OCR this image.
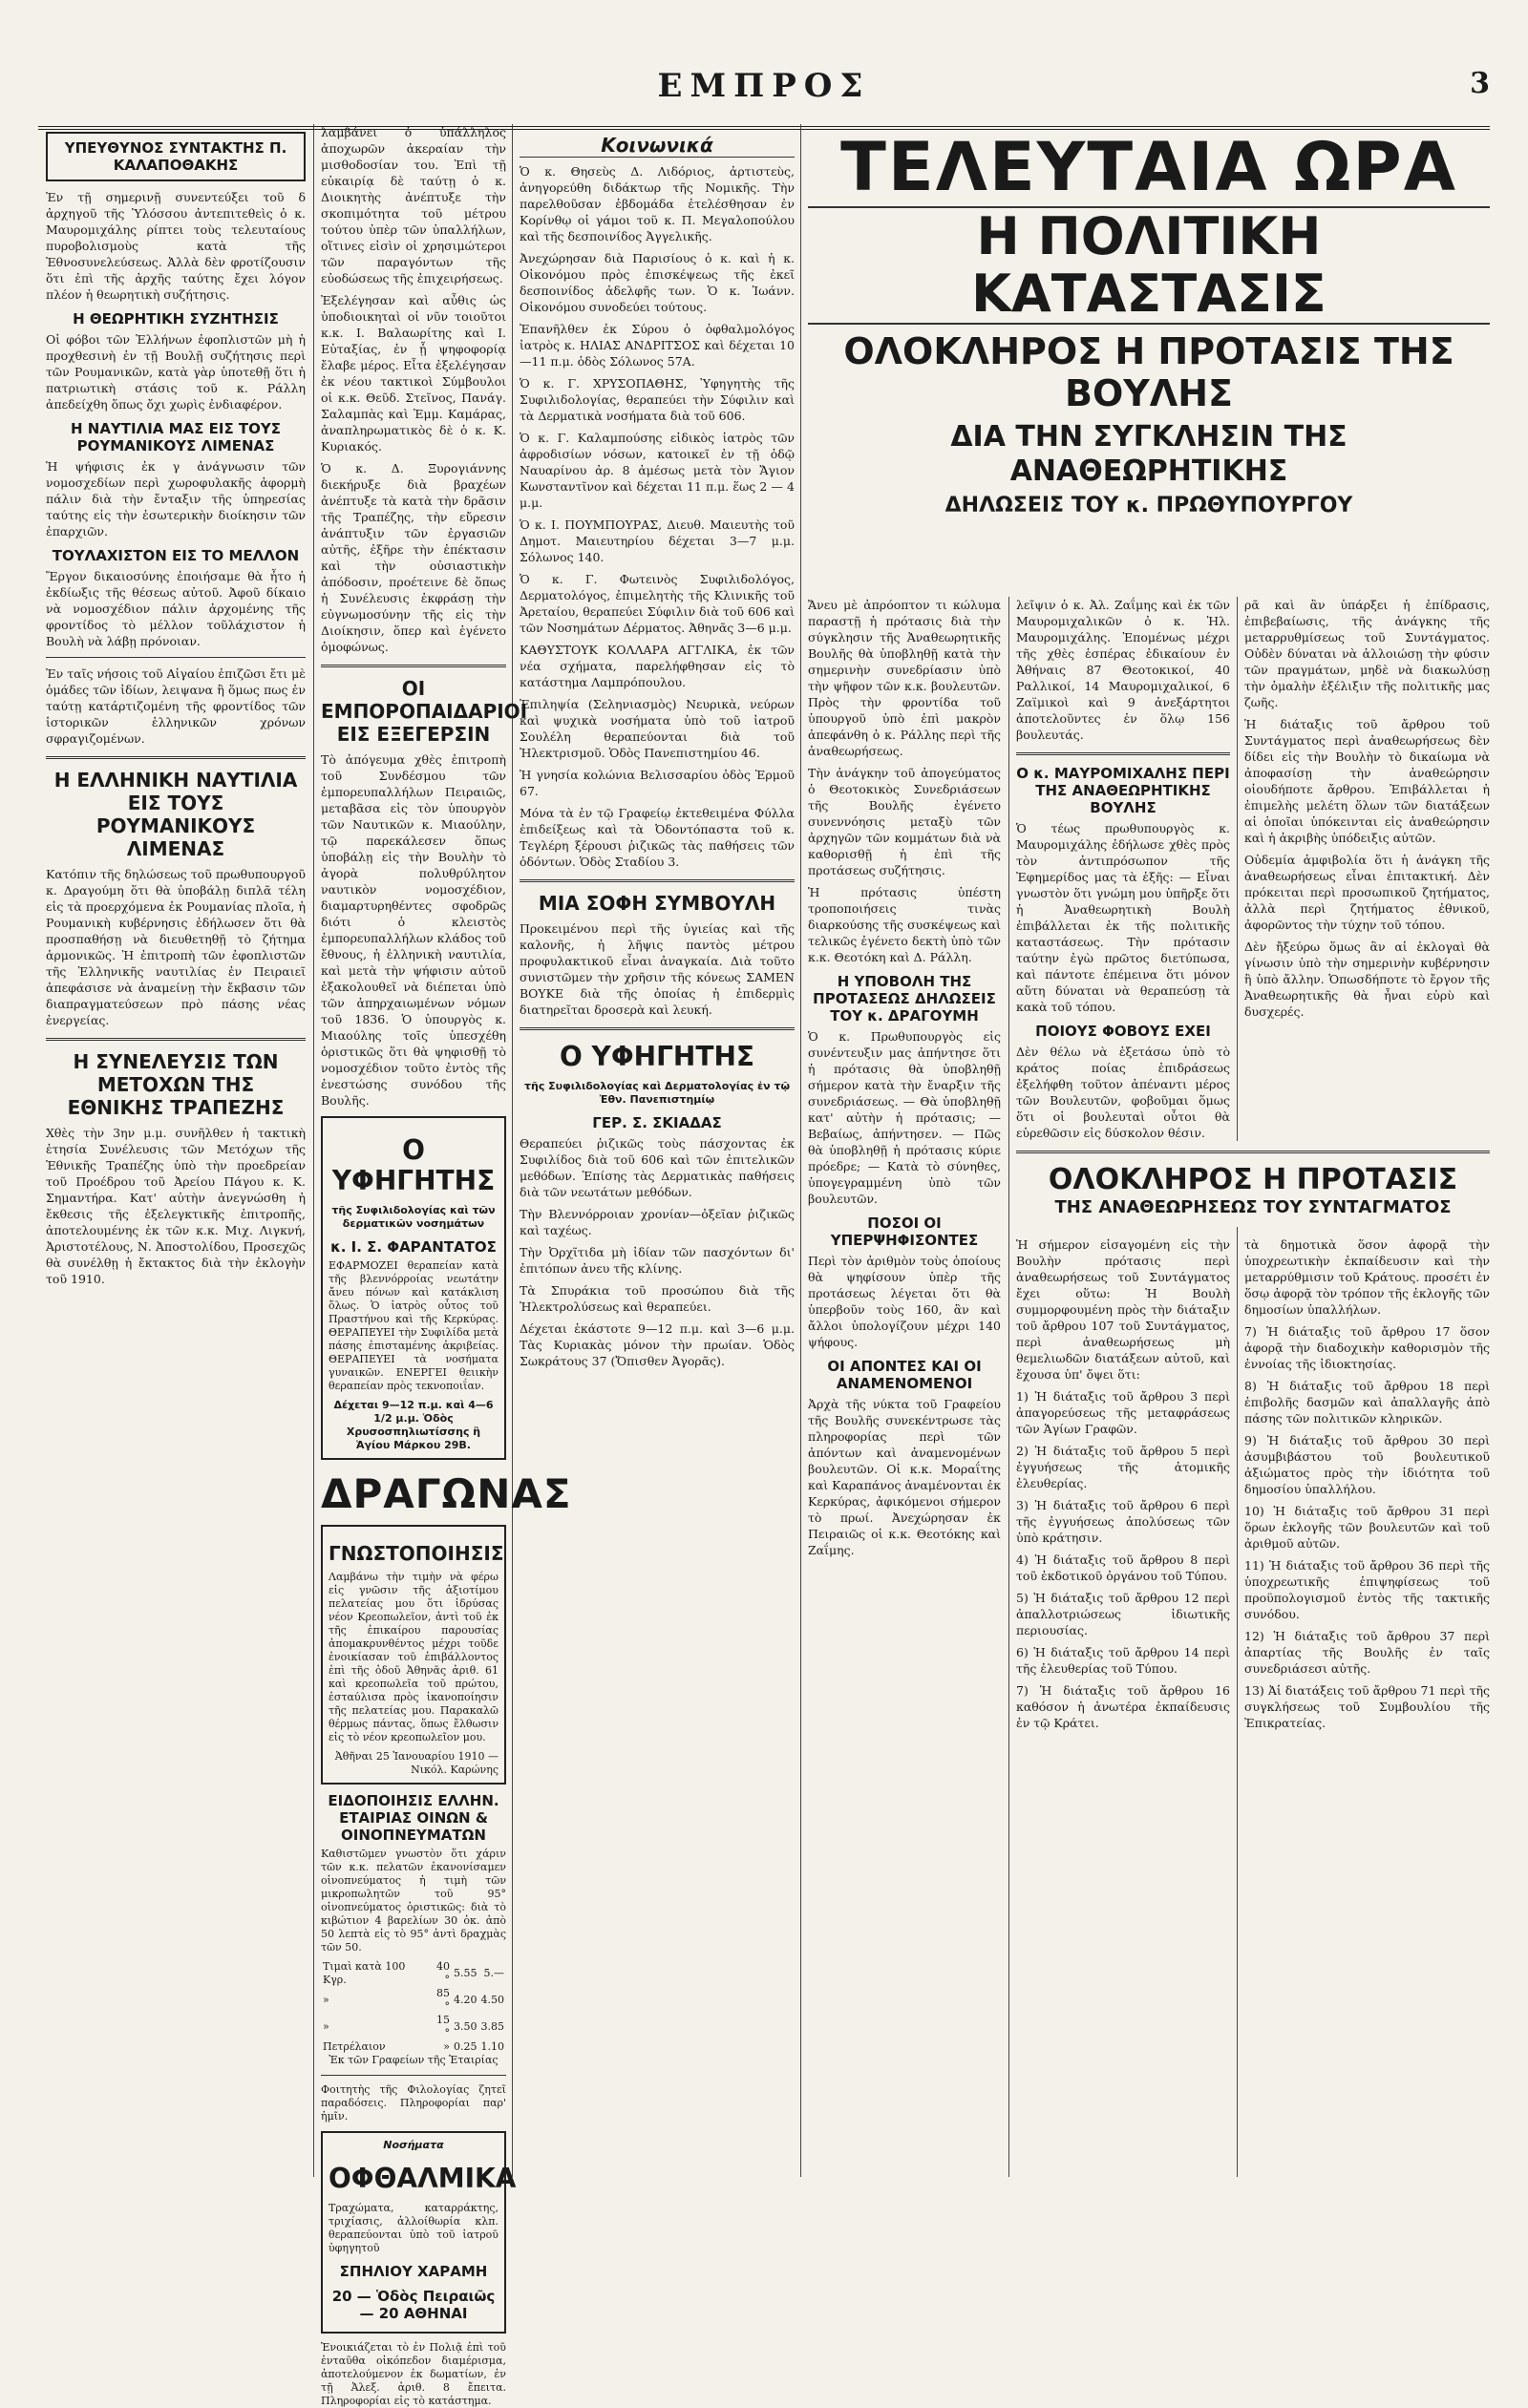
ΕΜΠΡΟΣ	3
ΥΠΕΥΘΥΝΟΣ ΣΥΝΤΑΚΤΗΣ Π. ΚΑΛΑΠΟΘΑΚΗΣ

Ἐν τῇ σημερινῇ συνεντεύξει τοῦ δ ἀρχηγοῦ τῆς Ὑλόσσου ἀντεπιτεθεὶς ὁ κ. Μαυρομιχάλης ρίπτει τοὺς τελευταίους πυροβολισμοὺς κατὰ τῆς Ἐθνοσυνελεύσεως. Ἀλλὰ δὲν φροτίζουσιν ὅτι ἐπὶ τῆς ἀρχῆς ταύτης ἔχει λόγον πλέον ἡ θεωρητικὴ συζήτησις.

Η ΘΕΩΡΗΤΙΚΗ ΣΥΖΗΤΗΣΙΣ

Οἱ φόβοι τῶν Ἑλλήνων ἐφοπλιστῶν μὴ ἡ προχθεσινὴ ἐν τῇ Βουλῇ συζήτησις περὶ τῶν Ρουμανικῶν, κατὰ γὰρ ὑποτεθῇ ὅτι ἡ πατριωτικὴ στάσις τοῦ κ. Ράλλη ἀπεδείχθη ὅπως ὄχι χωρὶς ἐνδιαφέρον.

Η ΝΑΥΤΙΛΙΑ ΜΑΣ ΕΙΣ ΤΟΥΣ ΡΟΥΜΑΝΙΚΟΥΣ ΛΙΜΕΝΑΣ

Ἡ ψήφισις ἐκ γ ἀνάγνωσιν τῶν νομοσχεδίων περὶ χωροφυλακῆς ἀφορμὴ πάλιν διὰ τὴν ἔνταξιν τῆς ὑπηρεσίας ταύτης εἰς τὴν ἐσωτερικὴν διοίκησιν τῶν ἐπαρχιῶν.

ΤΟΥΛΑΧΙΣΤΟΝ ΕΙΣ ΤΟ ΜΕΛΛΟΝ

Ἔργον δικαιοσύνης ἐποιήσαμε θὰ ἦτο ἡ ἐκδίωξις τῆς θέσεως αὐτοῦ. Ἀφοῦ δίκαιο νὰ νομοσχέδιον πάλιν ἀρχομένης τῆς φροντίδος τὸ μέλλον τοῦλάχιστον ἡ Βουλὴ νὰ λάβῃ πρόνοιαν.

Ἐν ταῖς νήσοις τοῦ Αἰγαίου ἐπιζῶσι ἔτι μὲ ὁμάδες τῶν ἰδίων, λειψανα ἢ ὅμως πως ἐν ταύτῃ κατάρτιζομένη τῆς φροντίδος τῶν ἱστορικῶν ἑλληνικῶν χρόνων σφραγιζομένων.

Η ΕΛΛΗΝΙΚΗ ΝΑΥΤΙΛΙΑ ΕΙΣ ΤΟΥΣ ΡΟΥΜΑΝΙΚΟΥΣ ΛΙΜΕΝΑΣ

Κατόπιν τῆς δηλώσεως τοῦ πρωθυπουργοῦ κ. Δραγούμη ὅτι θὰ ὑποβάλῃ διπλᾶ τέλη εἰς τὰ προερχόμενα ἐκ Ρουμανίας πλοῖα, ἡ Ρουμανικὴ κυβέρνησις ἐδήλωσεν ὅτι θὰ προσπαθήσῃ νὰ διευθετηθῇ τὸ ζήτημα ἁρμονικῶς. Ἡ ἐπιτροπὴ τῶν ἐφοπλιστῶν τῆς Ἑλληνικῆς ναυτιλίας ἐν Πειραιεῖ ἀπεφάσισε νὰ ἀναμείνῃ τὴν ἔκβασιν τῶν διαπραγματεύσεων πρὸ πάσης νέας ἐνεργείας.

Η ΣΥΝΕΛΕΥΣΙΣ ΤΩΝ ΜΕΤΟΧΩΝ ΤΗΣ ΕΘΝΙΚΗΣ ΤΡΑΠΕΖΗΣ

Χθὲς τὴν 3ην μ.μ. συνῆλθεν ἡ τακτικὴ ἐτησία Συνέλευσις τῶν Μετόχων τῆς Ἐθνικῆς Τραπέζης ὑπὸ τὴν προεδρείαν τοῦ Προέδρου τοῦ Ἀρείου Πάγου κ. Κ. Σημαντήρα. Κατ' αὐτὴν ἀνεγνώσθη ἡ ἔκθεσις τῆς ἐξελεγκτικῆς ἐπιτροπῆς, ἀποτελουμένης ἐκ τῶν κ.κ. Μιχ. Λιγκνή, Ἀριστοτέλους, Ν. Ἀποστολίδου, Προσεχῶς θὰ συνέλθῃ ἡ ἔκτακτος διὰ τὴν ἐκλογὴν τοῦ 1910.

λαμβάνει ὁ ὑπάλληλος ἀποχωρῶν ἀκεραίαν τὴν μισθοδοσίαν του. Ἐπὶ τῇ εὐκαιρίᾳ δὲ ταύτῃ ὁ κ. Διοικητὴς ἀνέπτυξε τὴν σκοπιμότητα τοῦ μέτρου τούτου ὑπὲρ τῶν ὑπαλλήλων, οἵτινες εἰσὶν οἱ χρησιμώτεροι τῶν παραγόντων τῆς εὐοδώσεως τῆς ἐπιχειρήσεως.

Ἐξελέγησαν καὶ αὖθις ὡς ὑποδιοικηταὶ οἱ νῦν τοιοῦτοι κ.κ. Ι. Βαλαωρίτης καὶ Ι. Εὐταξίας, ἐν ᾗ ψηφοφορίᾳ ἔλαβε μέρος. Εἶτα ἐξελέγησαν ἐκ νέου τακτικοὶ Σύμβουλοι οἱ κ.κ. Θεῦδ. Στεῖνος, Πανάγ. Σαλαμπὰς καὶ Ἐμμ. Καμάρας, ἀναπληρωματικὸς δὲ ὁ κ. Κ. Κυριακός.

Ὁ κ. Δ. Ξυρογιάννης διεκήρυξε διὰ βραχέων ἀνέπτυξε τὰ κατὰ τὴν δρᾶσιν τῆς Τραπέζης, τὴν εὔρεσιν ἀνάπτυξιν τῶν ἐργασιῶν αὐτῆς, ἐξῆρε τὴν ἐπέκτασιν καὶ τὴν οὐσιαστικὴν ἀπόδοσιν, προέτεινε δὲ ὅπως ἡ Συνέλευσις ἐκφράσῃ τὴν εὐγνωμοσύνην τῆς εἰς τὴν Διοίκησιν, ὅπερ καὶ ἐγένετο ὁμοφώνως.

ΟΙ ΕΜΠΟΡΟΠΑΙΔΑΡΙΟΙ ΕΙΣ ΕΞΕΓΕΡΣΙΝ

Τὸ ἀπόγευμα χθὲς ἐπιτροπὴ τοῦ Συνδέσμου τῶν ἐμπορευπαλλήλων Πειραιῶς, μεταβᾶσα εἰς τὸν ὑπουργὸν τῶν Ναυτικῶν κ. Μιαούλην, τῷ παρεκάλεσεν ὅπως ὑποβάλῃ εἰς τὴν Βουλὴν τὸ ἀγορὰ πολυθρύλητον ναυτικὸν νομοσχέδιον, διαμαρτυρηθέντες σφοδρῶς διότι ὁ κλειστὸς ἐμπορευπαλλήλων κλάδος τοῦ ἔθνους, ἡ ἑλληνικὴ ναυτιλία, καὶ μετὰ τὴν ψήφισιν αὐτοῦ ἐξακολουθεῖ νὰ διέπεται ὑπὸ τῶν ἀπηρχαιωμένων νόμων τοῦ 1836. Ὁ ὑπουργὸς κ. Μιαούλης τοῖς ὑπεσχέθη ὁριστικῶς ὅτι θὰ ψηφισθῇ τὸ νομοσχέδιον τοῦτο ἐντὸς τῆς ἐνεστώσης συνόδου τῆς Βουλῆς.

Ο ΥΦΗΓΗΤΗΣ
τῆς Συφιλιδολογίας καὶ τῶν δερματικῶν νοσημάτων
κ. Ι. Σ. ΦΑΡΑΝΤΑΤΟΣ

ΕΦΑΡΜΟΖΕΙ θεραπείαν κατὰ τῆς βλεννόρροίας νεωτάτην ἄνευ πόνων καὶ κατάκλιση ὅλως. Ὁ ἰατρὸς οὗτος τοῦ Πραστήνου καὶ τῆς Κερκύρας. ΘΕΡΑΠΕΥΕΙ τὴν Συφιλίδα μετὰ πάσης ἐπισταμένης ἀκριβείας. ΘΕΡΑΠΕΥΕΙ τὰ νοσήματα γυναικῶν. ΕΝΕΡΓΕΙ θειικὴν θεραπείαν πρὸς τεκνοποιΐαν.

Δέχεται 9—12 π.μ. καὶ 4—6 1/2 μ.μ. Ὁδὸς Χρυσοσπηλιωτίσσης ἢ Ἁγίου Μάρκου 29Β.
ΔΡΑΓΩΝΑΣ
ΓΝΩΣΤΟΠΟΙΗΣΙΣ

Λαμβάνω τὴν τιμὴν νὰ φέρω εἰς γνῶσιν τῆς ἀξιοτίμου πελατείας μου ὅτι ἱδρύσας νέον Κρεοπωλεῖον, ἀντὶ τοῦ ἐκ τῆς ἐπικαίρου παρουσίας ἀπομακρυνθέντος μέχρι τοῦδε ἐνοικίασαν τοῦ ἐπιβάλλοντος ἐπὶ τῆς ὁδοῦ Ἀθηνᾶς ἀριθ. 61 καὶ κρεοπωλεῖα τοῦ πρώτου, ἐσταύλισα πρὸς ἱκανοποίησιν τῆς πελατείας μου. Παρακαλῶ θέρμως πάντας, ὅπως ἔλθωσιν εἰς τὸ νέον κρεοπωλεῖον μου.

Ἀθῆναι 25 Ἰανουαρίου 1910 — Νικόλ. Καρώνης
ΕΙΔΟΠΟΙΗΣΙΣ ΕΛΛΗΝ. ΕΤΑΙΡΙΑΣ ΟΙΝΩΝ & ΟΙΝΟΠΝΕΥΜΑΤΩΝ

Καθιστῶμεν γνωστὸν ὅτι χάριν τῶν κ.κ. πελατῶν ἐκανονίσαμεν οἰνοπνεύματος ἡ τιμὴ τῶν μικροπωλητῶν τοῦ 95° οἰνοπνεύματος ὁριστικῶς: διὰ τὸ κιβώτιον 4 βαρελίων 30 ὀκ. ἀπὸ 50 λεπτὰ εἰς τὸ 95° ἀντὶ δραχμὰς τῶν 50.

Τιμαὶ κατὰ 100 Κγρ.	40 °	5.55	5.—
»	85 °	4.20	4.50
»	15 °	3.50	3.85
Πετρέλαιον	»	0.25	1.10
Ἐκ τῶν Γραφείων τῆς Ἑταιρίας

Φοιτητὴς τῆς Φιλολογίας ζητεῖ παραδόσεις. Πληροφορίαι παρ' ἡμῖν.

Νοσήματα
ΟΦΘΑΛΜΙΚΑ

Τραχώματα, καταρράκτης, τριχίασις, ἀλλοίθωρία κλπ. θεραπεύονται ὑπὸ τοῦ ἰατροῦ ὑφηγητοῦ

ΣΠΗΛΙΟΥ ΧΑΡΑΜΗ
20 — Ὁδὸς Πειραιῶς — 20 ΑΘΗΝΑΙ

Ἐνοικιάζεται τὸ ἐν Πολιᾷ ἐπὶ τοῦ ἐνταῦθα οἰκόπεδον διαμέρισμα, ἀποτελούμενον ἐκ δωματίων, ἐν τῇ Ἀλεξ. ἀριθ. 8 ἔπειτα. Πληροφορίαι εἰς τὸ κατάστημα.

Κοινωνικά

Ὁ κ. Θησεὺς Δ. Λιδόριος, ἀρτιστεὺς, ἀνηγορεύθη διδάκτωρ τῆς Νομικῆς. Τὴν παρελθοῦσαν ἑβδομάδα ἐτελέσθησαν ἐν Κορίνθῳ οἱ γάμοι τοῦ κ. Π. Μεγαλοπούλου καὶ τῆς δεσποινίδος Ἀγγελικῆς.

Ἀνεχώρησαν διὰ Παρισίους ὁ κ. καὶ ἡ κ. Οἰκονόμου πρὸς ἐπισκέψεως τῆς ἐκεῖ δεσποινίδος ἀδελφῆς των. Ὁ κ. Ἰωάνν. Οἰκονόμου συνοδεύει τούτους.

Ἐπανῆλθεν ἐκ Σύρου ὁ ὀφθαλμολόγος ἰατρὸς κ. ΗΛΙΑΣ ΑΝΔΡΙΤΣΟΣ καὶ δέχεται 10—11 π.μ. ὁδὸς Σόλωνος 57Α.

Ὁ κ. Γ. ΧΡΥΣΟΠΑΘΗΣ, Ὑφηγητὴς τῆς Συφιλιδολογίας, θεραπεύει τὴν Σύφιλιν καὶ τὰ Δερματικὰ νοσήματα διὰ τοῦ 606.

Ὁ κ. Γ. Καλαμπούσης εἰδικὸς ἰατρὸς τῶν ἀφροδισίων νόσων, κατοικεῖ ἐν τῇ ὁδῷ Ναυαρίνου ἀρ. 8 ἀμέσως μετὰ τὸν Ἄγιον Κωνσταντῖνον καὶ δέχεται 11 π.μ. ἕως 2 — 4 μ.μ.

Ὁ κ. Ι. ΠΟΥΜΠΟΥΡΑΣ, Διευθ. Μαιευτὴς τοῦ Δημοτ. Μαιευτηρίου δέχεται 3—7 μ.μ. Σόλωνος 140.

Ὁ κ. Γ. Φωτεινὸς Συφιλιδολόγος, Δερματολόγος, ἐπιμελητὴς τῆς Κλινικῆς τοῦ Ἀρεταίου, θεραπεύει Σύφιλιν διὰ τοῦ 606 καὶ τῶν Νοσημάτων Δέρματος. Ἀθηνᾶς 3—6 μ.μ.

ΚΑΘΥΣΤΟΥΚ ΚΟΛΛΑΡΑ ΑΓΓΛΙΚΑ, ἐκ τῶν νέα σχήματα, παρελήφθησαν εἰς τὸ κατάστημα Λαμπρόπουλου.

Ἐπιληψία (Σεληνιασμὸς) Νευρικὰ, νεύρων καὶ ψυχικὰ νοσήματα ὑπὸ τοῦ ἰατροῦ Σουλέλη θεραπεύονται διὰ τοῦ Ἠλεκτρισμοῦ. Ὁδὸς Πανεπιστημίου 46.

Ἡ γνησία κολώνια Βελισσαρίου ὁδὸς Ἑρμοῦ 67.

Μόνα τὰ ἐν τῷ Γραφείῳ ἐκτεθειμένα Φύλλα ἐπιδείξεως καὶ τὰ Ὀδοντόπαστα τοῦ κ. Τεγλέρη ξέρουσι ῥιζικῶς τὰς παθήσεις τῶν ὀδόντων. Ὁδὸς Σταδίου 3.

ΜΙΑ ΣΟΦΗ ΣΥΜΒΟΥΛΗ

Προκειμένου περὶ τῆς ὑγιείας καὶ τῆς καλονῆς, ἡ λῆψις παντὸς μέτρου προφυλακτικοῦ εἶναι ἀναγκαία. Διὰ τοῦτο συνιστῶμεν τὴν χρῆσιν τῆς κόνεως ΣΑΜΕΝ ΒΟΥΚΕ διὰ τῆς ὁποίας ἡ ἐπιδερμὶς διατηρεῖται δροσερὰ καὶ λευκή.

Ο ΥΦΗΓΗΤΗΣ
τῆς Συφιλιδολογίας καὶ Δερματολογίας ἐν τῷ Ἐθν. Πανεπιστημίῳ
ΓΕΡ. Σ. ΣΚΙΑΔΑΣ

Θεραπεύει ῥιζικῶς τοὺς πάσχοντας ἐκ Συφιλίδος διὰ τοῦ 606 καὶ τῶν ἐπιτελικῶν μεθόδων. Ἐπίσης τὰς Δερματικὰς παθήσεις διὰ τῶν νεωτάτων μεθόδων.

Τὴν Βλεννόρροιαν χρονίαν—ὀξεῖαν ῥιζικῶς καὶ ταχέως.

Τὴν Ὀρχῖτιδα μὴ ἰδίαν τῶν πασχόντων δι' ἐπιτόπων ἀνευ τῆς κλίνης.

Τὰ Σπυράκια τοῦ προσώπου διὰ τῆς Ἠλεκτρολύσεως καὶ θεραπεύει.

Δέχεται ἑκάστοτε 9—12 π.μ. καὶ 3—6 μ.μ. Τὰς Κυριακὰς μόνον τὴν πρωίαν. Ὁδὸς Σωκράτους 37 (Ὄπισθεν Ἀγορᾶς).

ΤΕΛΕΥΤΑΙΑ ΩΡΑ
Η ΠΟΛΙΤΙΚΗ ΚΑΤΑΣΤΑΣΙΣ
ΟΛΟΚΛΗΡΟΣ Η ΠΡΟΤΑΣΙΣ ΤΗΣ ΒΟΥΛΗΣ
ΔΙΑ ΤΗΝ ΣΥΓΚΛΗΣΙΝ ΤΗΣ ΑΝΑΘΕΩΡΗΤΙΚΗΣ
ΔΗΛΩΣΕΙΣ ΤΟΥ κ. ΠΡΩΘΥΠΟΥΡΓΟΥ

Ἄνευ μὲ ἀπρόοπτον τι κώλυμα παραστῇ ἡ πρότασις διὰ τὴν σύγκλησιν τῆς Ἀναθεωρητικῆς Βουλῆς θὰ ὑποβληθῇ κατὰ τὴν σημερινὴν συνεδρίασιν ὑπὸ τὴν ψῆφον τῶν κ.κ. βουλευτῶν. Πρὸς τὴν φροντίδα τοῦ ὑπουργοῦ ὑπὸ ἐπὶ μακρὸν ἀπεφάνθη ὁ κ. Ράλλης περὶ τῆς ἀναθεωρήσεως.

Τὴν ἀνάγκην τοῦ ἀπογεύματος ὁ Θεοτοκικὸς Συνεδριάσεων τῆς Βουλῆς ἐγένετο συνεννόησις μεταξὺ τῶν ἀρχηγῶν τῶν κομμάτων διὰ νὰ καθορισθῇ ἡ ἐπὶ τῆς προτάσεως συζήτησις.

Ἡ πρότασις ὑπέστη τροποποιήσεις τινὰς διαρκούσης τῆς συσκέψεως καὶ τελικῶς ἐγένετο δεκτὴ ὑπὸ τῶν κ.κ. Θεοτόκη καὶ Δ. Ράλλη.

Η ΥΠΟΒΟΛΗ ΤΗΣ ΠΡΟΤΑΣΕΩΣ ΔΗΛΩΣΕΙΣ ΤΟΥ κ. ΔΡΑΓΟΥΜΗ

Ὁ κ. Πρωθυπουργὸς εἰς συνέντευξιν μας ἀπήντησε ὅτι ἡ πρότασις θὰ ὑποβληθῇ σήμερον κατὰ τὴν ἔναρξιν τῆς συνεδριάσεως. — Θὰ ὑποβληθῇ κατ' αὐτὴν ἡ πρότασις; — Βεβαίως, ἀπήντησεν. — Πῶς θὰ ὑποβληθῇ ἡ πρότασις κύριε πρόεδρε; — Κατὰ τὸ σύνηθες, ὑπογεγραμμένη ὑπὸ τῶν βουλευτῶν.

ΠΟΣΟΙ ΟΙ ΥΠΕΡΨΗΦΙΣΟΝΤΕΣ

Περὶ τὸν ἀριθμὸν τοὺς ὁποίους θὰ ψηφίσουν ὑπὲρ τῆς προτάσεως λέγεται ὅτι θὰ ὑπερβοῦν τοὺς 160, ἂν καὶ ἄλλοι ὑπολογίζουν μέχρι 140 ψήφους.

ΟΙ ΑΠΟΝΤΕΣ ΚΑΙ ΟΙ ΑΝΑΜΕΝΟΜΕΝΟΙ

Ἀρχὰ τῆς νύκτα τοῦ Γραφείου τῆς Βουλῆς συνεκέντρωσε τὰς πληροφορίας περὶ τῶν ἀπόντων καὶ ἀναμενομένων βουλευτῶν. Οἱ κ.κ. Μοραΐτης καὶ Καραπάνος ἀναμένονται ἐκ Κερκύρας, ἀφικόμενοι σήμερον τὸ πρωί. Ἀνεχώρησαν ἐκ Πειραιῶς οἱ κ.κ. Θεοτόκης καὶ Ζαΐμης.

λεῖψιν ὁ κ. Ἀλ. Ζαΐμης καὶ ἐκ τῶν Μαυρομιχαλικῶν ὁ κ. Ἠλ. Μαυρομιχάλης. Ἐπομένως μέχρι τῆς χθὲς ἑσπέρας ἐδικαίουν ἐν Ἀθήναις 87 Θεοτοκικοί, 40 Ραλλικοί, 14 Μαυρομιχαλικοί, 6 Ζαϊμικοὶ καὶ 9 ἀνεξάρτητοι ἀποτελοῦντες ἐν ὅλῳ 156 βουλευτάς.

Ο κ. ΜΑΥΡΟΜΙΧΑΛΗΣ ΠΕΡΙ ΤΗΣ ΑΝΑΘΕΩΡΗΤΙΚΗΣ ΒΟΥΛΗΣ

Ὁ τέως πρωθυπουργὸς κ. Μαυρομιχάλης ἐδήλωσε χθὲς πρὸς τὸν ἀντιπρόσωπον τῆς Ἐφημερίδος μας τὰ ἑξῆς: — Εἶναι γνωστὸν ὅτι γνώμη μου ὑπῆρξε ὅτι ἡ Ἀναθεωρητικὴ Βουλὴ ἐπιβάλλεται ἐκ τῆς πολιτικῆς καταστάσεως. Τὴν πρότασιν ταύτην ἐγὼ πρῶτος διετύπωσα, καὶ πάντοτε ἐπέμεινα ὅτι μόνον αὕτη δύναται νὰ θεραπεύσῃ τὰ κακὰ τοῦ τόπου.

ΠΟΙΟΥΣ ΦΟΒΟΥΣ ΕΧΕΙ

Δὲν θέλω νὰ ἐξετάσω ὑπὸ τὸ κράτος ποίας ἐπιδράσεως ἐξελήφθη τοῦτον ἀπέναντι μέρος τῶν Βουλευτῶν, φοβοῦμαι ὅμως ὅτι οἱ βουλευταὶ οὗτοι θὰ εὑρεθῶσιν εἰς δύσκολον θέσιν.

ρᾶ καὶ ἂν ὑπάρξει ἡ ἐπίδρασις, ἐπιβεβαίωσις, τῆς ἀνάγκης τῆς μεταρρυθμίσεως τοῦ Συντάγματος. Οὐδὲν δύναται νὰ ἀλλοιώσῃ τὴν φύσιν τῶν πραγμάτων, μηδὲ νὰ διακωλύσῃ τὴν ὁμαλὴν ἐξέλιξιν τῆς πολιτικῆς μας ζωῆς.

Ἡ διάταξις τοῦ ἄρθρου τοῦ Συντάγματος περὶ ἀναθεωρήσεως δὲν δίδει εἰς τὴν Βουλὴν τὸ δικαίωμα νὰ ἀποφασίσῃ τὴν ἀναθεώρησιν οἱουδήποτε ἄρθρου. Ἐπιβάλλεται ἡ ἐπιμελὴς μελέτη ὅλων τῶν διατάξεων αἱ ὁποῖαι ὑπόκεινται εἰς ἀναθεώρησιν καὶ ἡ ἀκριβὴς ὑπόδειξις αὐτῶν.

Οὐδεμία ἀμφιβολία ὅτι ἡ ἀνάγκη τῆς ἀναθεωρήσεως εἶναι ἐπιτακτική. Δὲν πρόκειται περὶ προσωπικοῦ ζητήματος, ἀλλὰ περὶ ζητήματος ἐθνικοῦ, ἀφορῶντος τὴν τύχην τοῦ τόπου.

Δὲν ἤξεύρω ὅμως ἂν αἱ ἐκλογαὶ θὰ γίνωσιν ὑπὸ τὴν σημερινὴν κυβέρνησιν ἢ ὑπὸ ἄλλην. Ὁπωσδήποτε τὸ ἔργον τῆς Ἀναθεωρητικῆς θὰ ἦναι εὐρὺ καὶ δυσχερές.

ΟΛΟΚΛΗΡΟΣ Η ΠΡΟΤΑΣΙΣ
ΤΗΣ ΑΝΑΘΕΩΡΗΣΕΩΣ ΤΟΥ ΣΥΝΤΑΓΜΑΤΟΣ

Ἡ σήμερον εἰσαγομένη εἰς τὴν Βουλὴν πρότασις περὶ ἀναθεωρήσεως τοῦ Συντάγματος ἔχει οὕτω: Ἡ Βουλὴ συμμορφουμένη πρὸς τὴν διάταξιν τοῦ ἄρθρου 107 τοῦ Συντάγματος, περὶ ἀναθεωρήσεως μὴ θεμελιωδῶν διατάξεων αὐτοῦ, καὶ ἔχουσα ὑπ' ὄψει ὅτι:

1) Ἡ διάταξις τοῦ ἄρθρου 3 περὶ ἀπαγορεύσεως τῆς μεταφράσεως τῶν Ἁγίων Γραφῶν.

2) Ἡ διάταξις τοῦ ἄρθρου 5 περὶ ἐγγυήσεως τῆς ἀτομικῆς ἐλευθερίας.

3) Ἡ διάταξις τοῦ ἄρθρου 6 περὶ τῆς ἐγγυήσεως ἀπολύσεως τῶν ὑπὸ κράτησιν.

4) Ἡ διάταξις τοῦ ἄρθρου 8 περὶ τοῦ ἐκδοτικοῦ ὀργάνου τοῦ Τύπου.

5) Ἡ διάταξις τοῦ ἄρθρου 12 περὶ ἀπαλλοτριώσεως ἰδιωτικῆς περιουσίας.

6) Ἡ διάταξις τοῦ ἄρθρου 14 περὶ τῆς ἐλευθερίας τοῦ Τύπου.

7) Ἡ διάταξις τοῦ ἄρθρου 16 καθόσον ἡ ἀνωτέρα ἐκπαίδευσις ἐν τῷ Κράτει.

τὰ δημοτικὰ ὅσον ἀφορᾷ τὴν ὑποχρεωτικὴν ἐκπαίδευσιν καὶ τὴν μεταρρύθμισιν τοῦ Κράτους. προσέτι ἐν ὅσῳ ἀφορᾷ τὸν τρόπον τῆς ἐκλογῆς τῶν δημοσίων ὑπαλλήλων.

7) Ἡ διάταξις τοῦ ἄρθρου 17 ὅσον ἀφορᾷ τὴν διαδοχικὴν καθορισμὸν τῆς ἐννοίας τῆς ἰδιοκτησίας.

8) Ἡ διάταξις τοῦ ἄρθρου 18 περὶ ἐπιβολῆς δασμῶν καὶ ἀπαλλαγῆς ἀπὸ πάσης τῶν πολιτικῶν κληρικῶν.

9) Ἡ διάταξις τοῦ ἄρθρου 30 περὶ ἀσυμβιβάστου τοῦ βουλευτικοῦ ἀξιώματος πρὸς τὴν ἰδιότητα τοῦ δημοσίου ὑπαλλήλου.

10) Ἡ διάταξις τοῦ ἄρθρου 31 περὶ ὅρων ἐκλογῆς τῶν βουλευτῶν καὶ τοῦ ἀριθμοῦ αὐτῶν.

11) Ἡ διάταξις τοῦ ἄρθρου 36 περὶ τῆς ὑποχρεωτικῆς ἐπιψηφίσεως τοῦ προϋπολογισμοῦ ἐντὸς τῆς τακτικῆς συνόδου.

12) Ἡ διάταξις τοῦ ἄρθρου 37 περὶ ἀπαρτίας τῆς Βουλῆς ἐν ταῖς συνεδριάσεσι αὐτῆς.

13) Ἀἱ διατάξεις τοῦ ἄρθρου 71 περὶ τῆς συγκλήσεως τοῦ Συμβουλίου τῆς Ἐπικρατείας.
